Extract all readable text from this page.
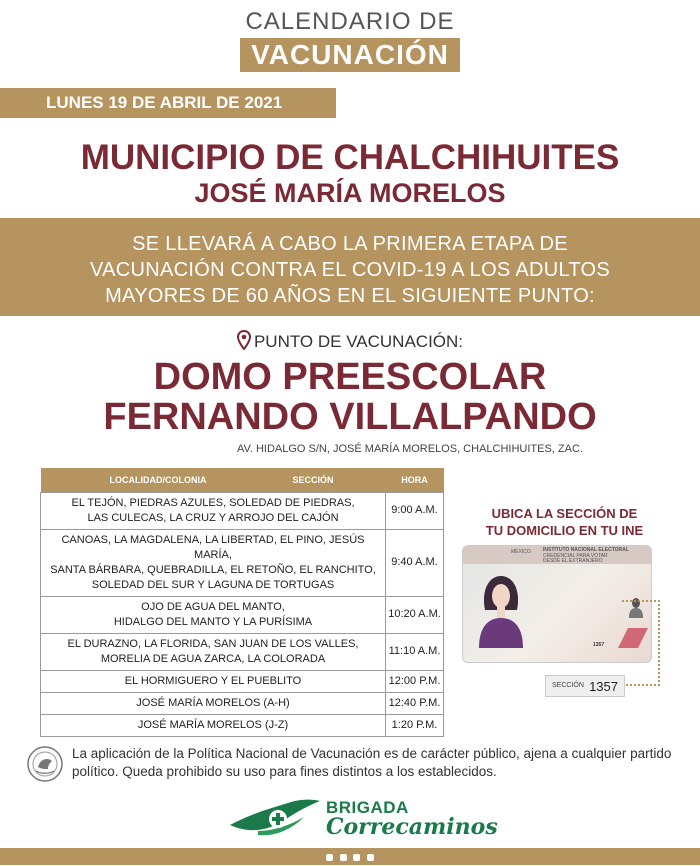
CALENDARIO DE
VACUNACIÓN
LUNES 19 DE ABRIL DE 2021
MUNICIPIO DE CHALCHIHUITES
JOSÉ MARÍA MORELOS
SE LLEVARÁ A CABO LA PRIMERA ETAPA DE
VACUNACIÓN CONTRA EL COVID-19 A LOS ADULTOS
MAYORES DE 60 AÑOS EN EL SIGUIENTE PUNTO:
PUNTO DE VACUNACIÓN:
DOMO PREESCOLAR
FERNANDO VILLALPANDO
AV. HIDALGO S/N, JOSÉ MARÍA MORELOS, CHALCHIHUITES, ZAC.
LOCALIDAD/COLONIA SECCIÓN	HORA

EL TEJÓN, PIEDRAS AZULES, SOLEDAD DE PIEDRAS,
LAS CULECAS, LA CRUZ Y ARROJO DEL CAJÓN	9:00 A.M.

CANOAS, LA MAGDALENA, LA LIBERTAD, EL PINO, JESÚS MARÍA,
SANTA BÁRBARA, QUEBRADILLA, EL RETOÑO, EL RANCHITO,
SOLEDAD DEL SUR Y LAGUNA DE TORTUGAS	9:40 A.M.

OJO DE AGUA DEL MANTO,
HIDALGO DEL MANTO Y LA PURÍSIMA	10:20 A.M.

EL DURAZNO, LA FLORIDA, SAN JUAN DE LOS VALLES,
MORELIA DE AGUA ZARCA, LA COLORADA	11:10 A.M.

EL HORMIGUERO Y EL PUEBLITO	12:00 P.M.

JOSÉ MARÍA MORELOS (A-H)	12:40 P.M.

JOSÉ MARÍA MORELOS (J-Z)	1:20 P.M.
UBICA LA SECCIÓN DE
TU DOMICILIO EN TU INE
MÉXICO INSTITUTO NACIONAL ELECTORAL
CREDENCIAL PARA VOTAR
DESDE EL EXTRANJERO
1357
SECCIÓN 1357
La aplicación de la Política Nacional de Vacunación es de carácter público, ajena a cualquier partido político. Queda prohibido su uso para fines distintos a los establecidos.
BRIGADA
Correcaminos
